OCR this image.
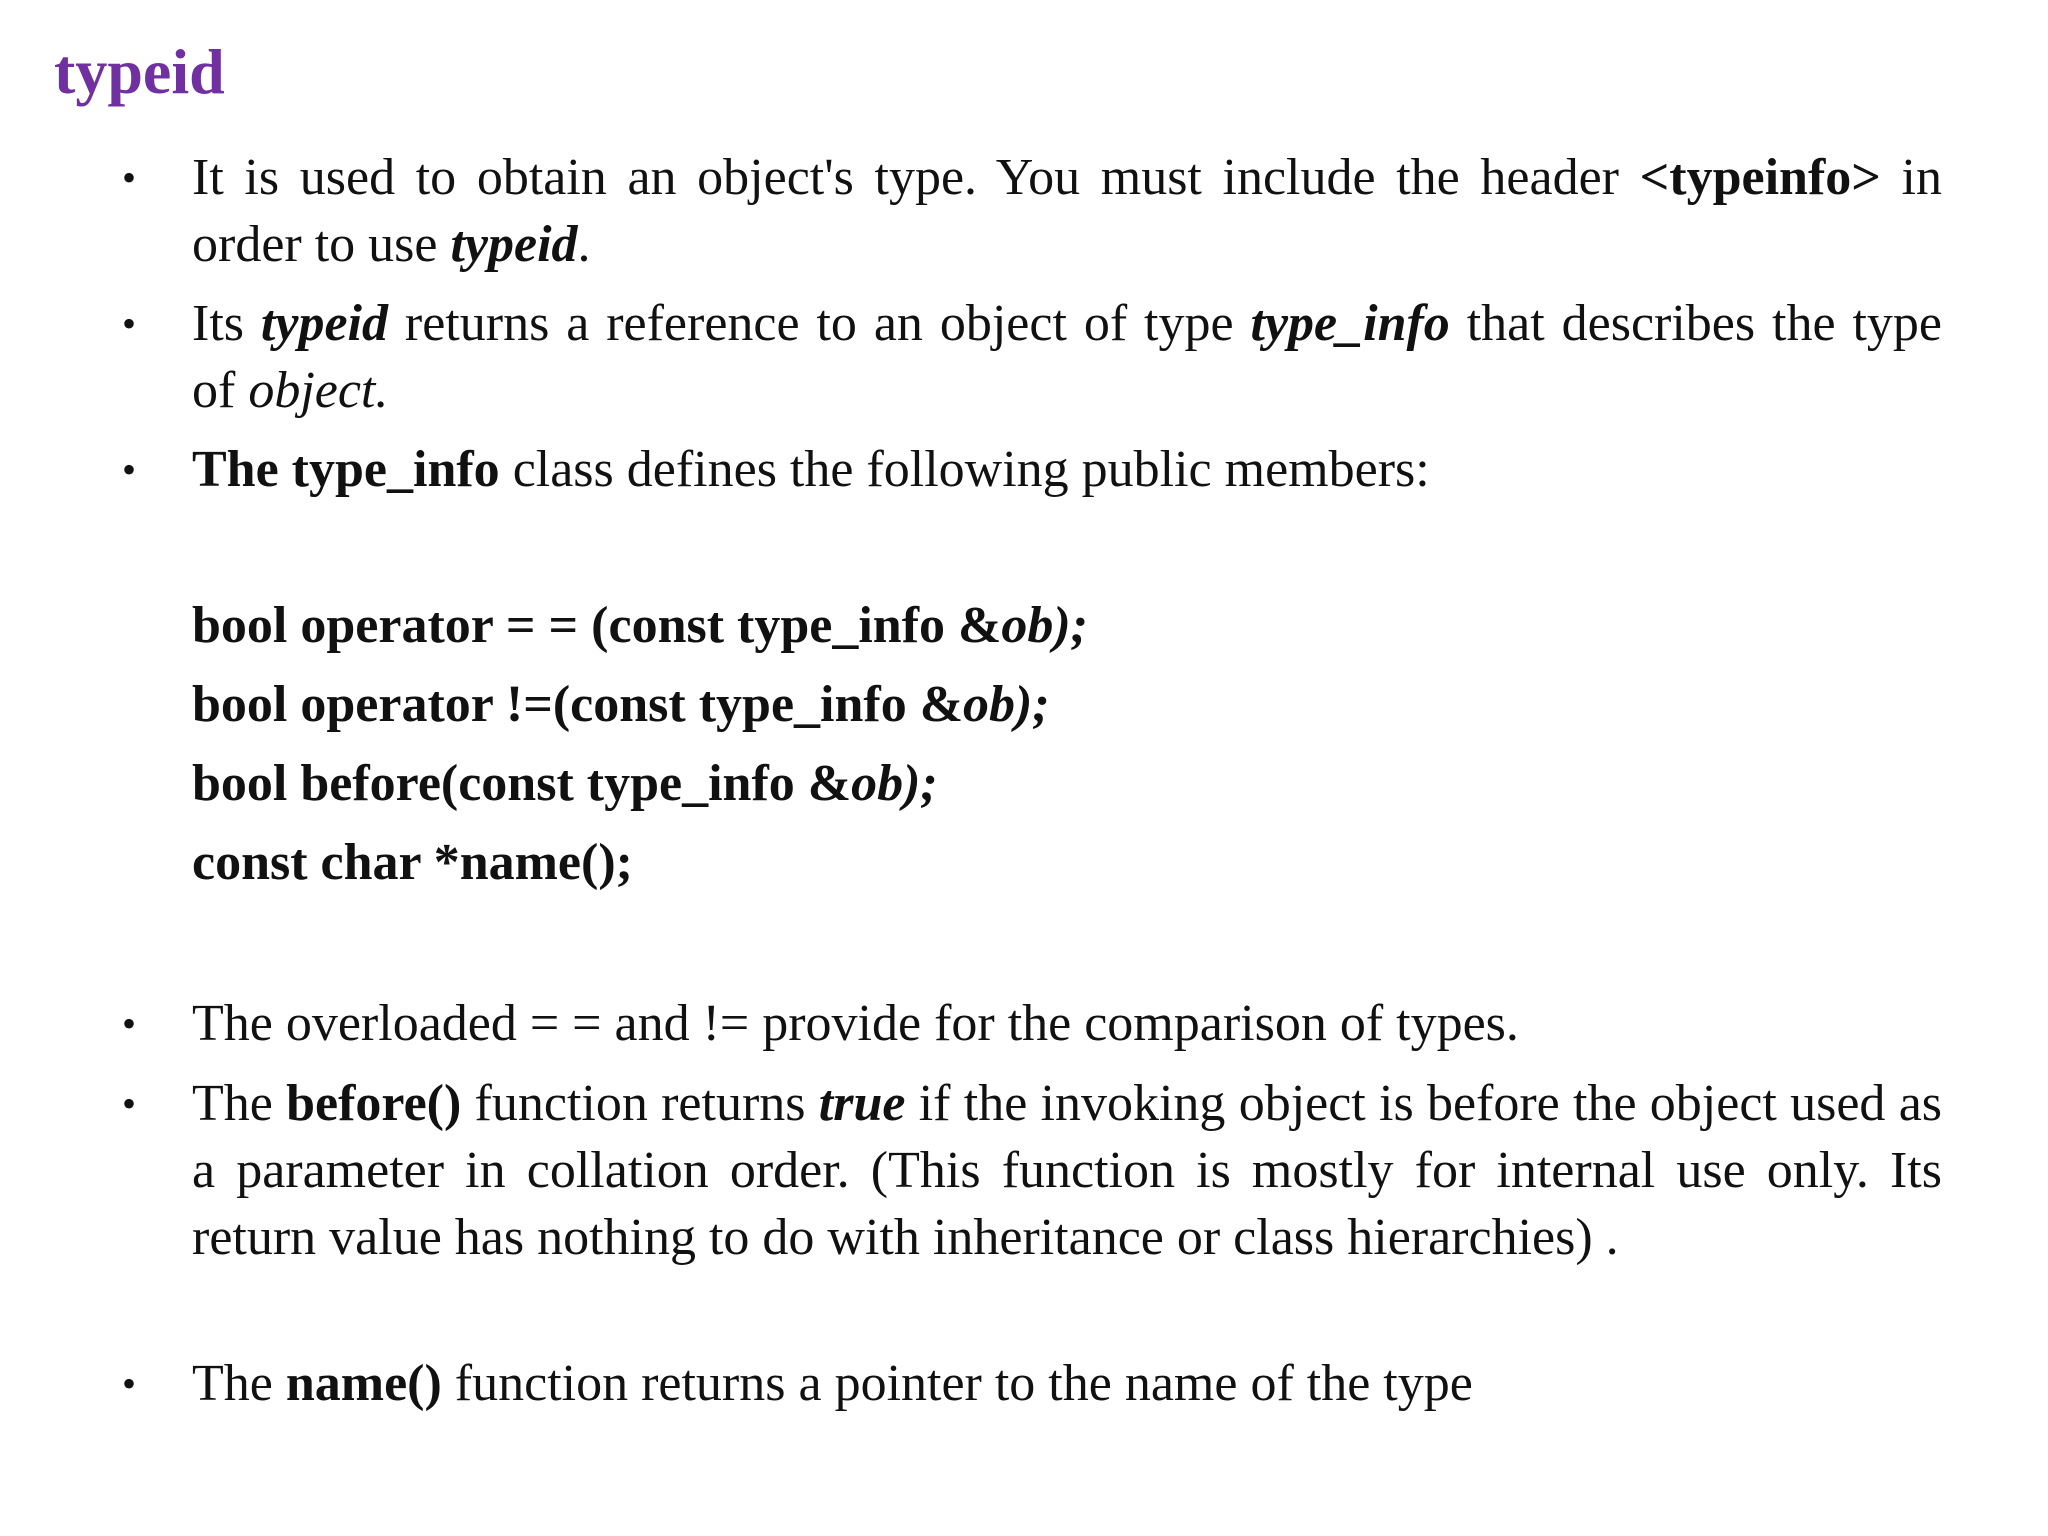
typeid
•	It is used to obtain an object's type. You must include the header <typeinfo> in order to use typeid.
•	Its typeid returns a reference to an object of type type_info that describes the type of object.
•	The type_info class defines the following public members:
bool operator = = (const type_info &ob);
bool operator !=(const type_info &ob);
bool before(const type_info &ob);
const char *name();
•	The overloaded = = and != provide for the comparison of types.
•	The before() function returns true if the invoking object is before the object used as a parameter in collation order. (This function is mostly for internal use only. Its return value has nothing to do with inheritance or class hierarchies) .
•	The name() function returns a pointer to the name of the type
